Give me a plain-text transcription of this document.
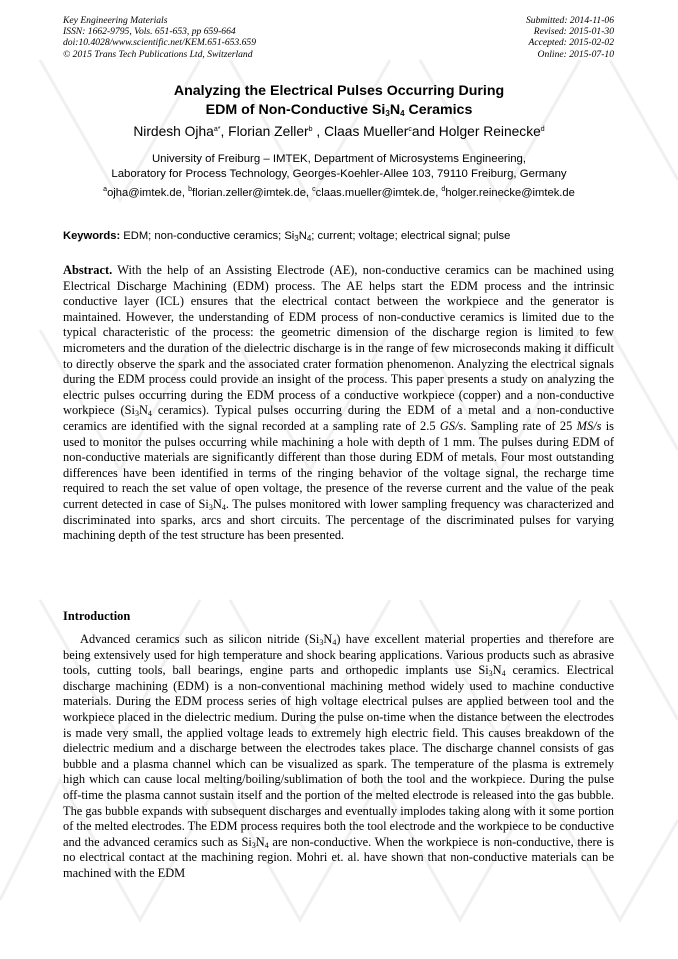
Key Engineering Materials
ISSN: 1662-9795, Vols. 651-653, pp 659-664
doi:10.4028/www.scientific.net/KEM.651-653.659
© 2015 Trans Tech Publications Ltd, Switzerland
Submitted: 2014-11-06
Revised: 2015-01-30
Accepted: 2015-02-02
Online: 2015-07-10
Analyzing the Electrical Pulses Occurring During
EDM of Non-Conductive $Si_3N_4$ Ceramics
Nirdesh Ojha$^{a*}$, Florian Zeller$^b$ , Claas Mueller$^c$and Holger Reinecke$^d$
University of Freiburg – IMTEK, Department of Microsystems Engineering,
Laboratory for Process Technology, Georges-Koehler-Allee 103, 79110 Freiburg, Germany
$^a$ojha@imtek.de, $^b$florian.zeller@imtek.de, $^c$claas.mueller@imtek.de, $^d$holger.reinecke@imtek.de
Keywords: EDM; non-conductive ceramics; $Si_3N_4$; current; voltage; electrical signal; pulse
Abstract. With the help of an Assisting Electrode (AE), non-conductive ceramics can be machined using Electrical Discharge Machining (EDM) process. The AE helps start the EDM process and the intrinsic conductive layer (ICL) ensures that the electrical contact between the workpiece and the generator is maintained. However, the understanding of EDM process of non-conductive ceramics is limited due to the typical characteristic of the process: the geometric dimension of the discharge region is limited to few micrometers and the duration of the dielectric discharge is in the range of few microseconds making it difficult to directly observe the spark and the associated crater formation phenomenon. Analyzing the electrical signals during the EDM process could provide an insight of the process. This paper presents a study on analyzing the electric pulses occurring during the EDM process of a conductive workpiece (copper) and a non-conductive workpiece ($Si_3N_4$ ceramics). Typical pulses occurring during the EDM of a metal and a non-conductive ceramics are identified with the signal recorded at a sampling rate of 2.5 GS/s. Sampling rate of 25 MS/s is used to monitor the pulses occurring while machining a hole with depth of 1 mm. The pulses during EDM of non-conductive materials are significantly different than those during EDM of metals. Four most outstanding differences have been identified in terms of the ringing behavior of the voltage signal, the recharge time required to reach the set value of open voltage, the presence of the reverse current and the value of the peak current detected in case of $Si_3N_4$. The pulses monitored with lower sampling frequency was characterized and discriminated into sparks, arcs and short circuits. The percentage of the discriminated pulses for varying machining depth of the test structure has been presented.
Introduction
Advanced ceramics such as silicon nitride $(Si_3N_4)$ have excellent material properties and therefore are being extensively used for high temperature and shock bearing applications. Various products such as abrasive tools, cutting tools, ball bearings, engine parts and orthopedic implants use $Si_3N_4$ ceramics. Electrical discharge machining (EDM) is a non-conventional machining method widely used to machine conductive materials. During the EDM process series of high voltage electrical pulses are applied between tool and the workpiece placed in the dielectric medium. During the pulse on-time when the distance between the electrodes is made very small, the applied voltage leads to extremely high electric field. This causes breakdown of the dielectric medium and a discharge between the electrodes takes place. The discharge channel consists of gas bubble and a plasma channel which can be visualized as spark. The temperature of the plasma is extremely high which can cause local melting/boiling/sublimation of both the tool and the workpiece. During the pulse off-time the plasma cannot sustain itself and the portion of the melted electrode is released into the gas bubble. The gas bubble expands with subsequent discharges and eventually implodes taking along with it some portion of the melted electrodes. The EDM process requires both the tool electrode and the workpiece to be conductive and the advanced ceramics such as $Si_3N_4$ are non-conductive. When the workpiece is non-conductive, there is no electrical contact at the machining region. Mohri et. al. have shown that non-conductive materials can be machined with the EDM
